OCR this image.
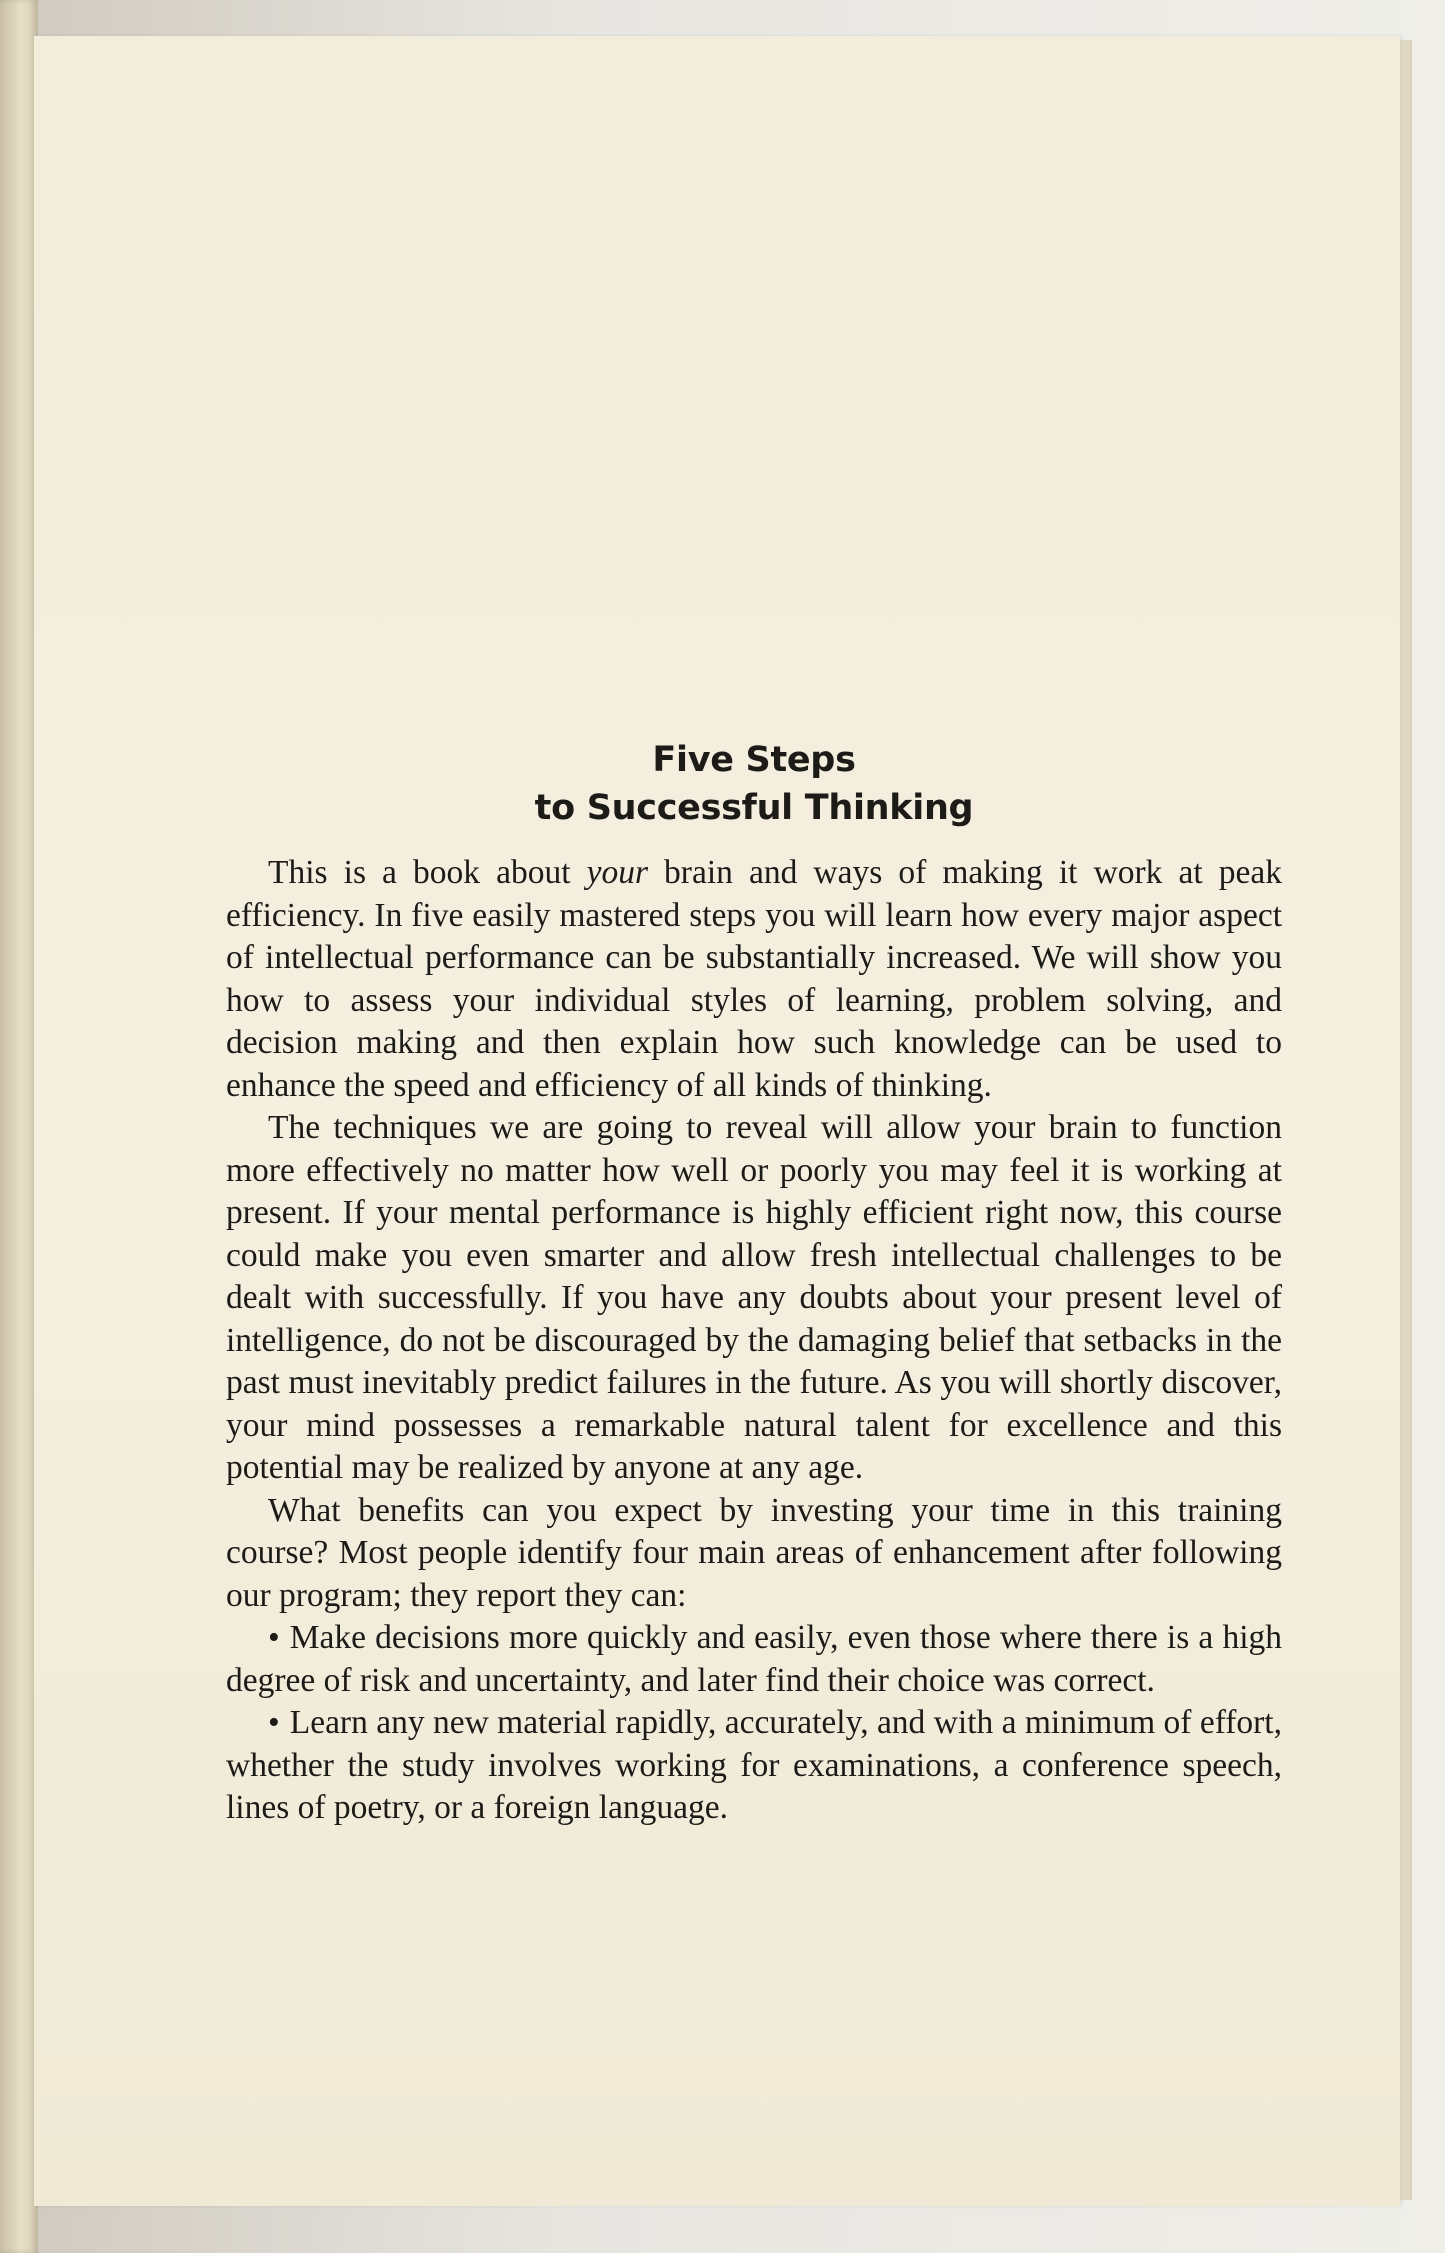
Five Steps
to Successful Thinking

This is a book about your brain and ways of making it work at peak efficiency. In five easily mastered steps you will learn how every major aspect of intellectual performance can be substantially increased. We will show you how to assess your individual styles of learning, problem solving, and decision making and then explain how such knowledge can be used to enhance the speed and efficiency of all kinds of thinking.

The techniques we are going to reveal will allow your brain to function more effectively no matter how well or poorly you may feel it is working at present. If your mental performance is highly efficient right now, this course could make you even smarter and allow fresh intellectual challenges to be dealt with successfully. If you have any doubts about your present level of intelligence, do not be discouraged by the damaging belief that setbacks in the past must inevitably predict failures in the future. As you will shortly discover, your mind possesses a remarkable natural talent for excellence and this potential may be realized by anyone at any age.

What benefits can you expect by investing your time in this training course? Most people identify four main areas of enhancement after following our program; they report they can:

• Make decisions more quickly and easily, even those where there is a high degree of risk and uncertainty, and later find their choice was correct.

• Learn any new material rapidly, accurately, and with a minimum of effort, whether the study involves working for examinations, a conference speech, lines of poetry, or a foreign language.
